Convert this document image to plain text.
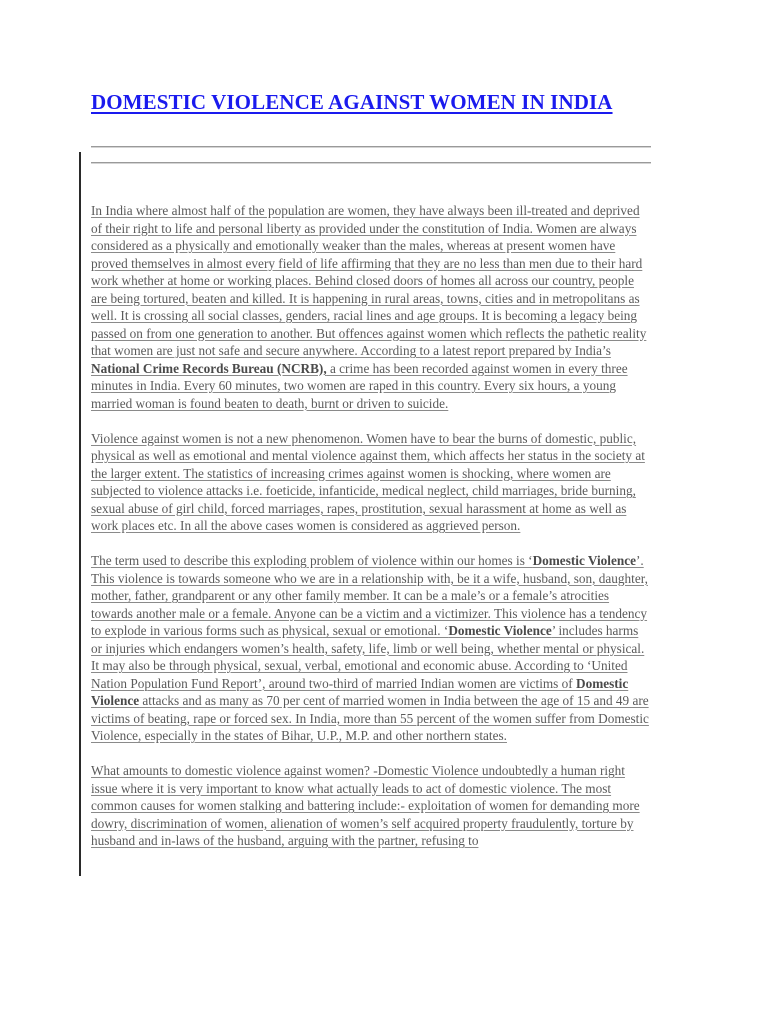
DOMESTIC VIOLENCE AGAINST WOMEN IN INDIA

In India where almost half of the population are women, they have always been ill-treated and deprived of their right to life and personal liberty as provided under the constitution of India. Women are always considered as a physically and emotionally weaker than the males, whereas at present women have proved themselves in almost every field of life affirming that they are no less than men due to their hard work whether at home or working places. Behind closed doors of homes all across our country, people are being tortured, beaten and killed. It is happening in rural areas, towns, cities and in metropolitans as well. It is crossing all social classes, genders, racial lines and age groups. It is becoming a legacy being passed on from one generation to another. But offences against women which reflects the pathetic reality that women are just not safe and secure anywhere. According to a latest report prepared by India’s National Crime Records Bureau (NCRB), a crime has been recorded against women in every three minutes in India. Every 60 minutes, two women are raped in this country. Every six hours, a young married woman is found beaten to death, burnt or driven to suicide.

Violence against women is not a new phenomenon. Women have to bear the burns of domestic, public, physical as well as emotional and mental violence against them, which affects her status in the society at the larger extent. The statistics of increasing crimes against women is shocking, where women are subjected to violence attacks i.e. foeticide, infanticide, medical neglect, child marriages, bride burning, sexual abuse of girl child, forced marriages, rapes, prostitution, sexual harassment at home as well as work places etc. In all the above cases women is considered as aggrieved person.

The term used to describe this exploding problem of violence within our homes is ‘Domestic Violence’. This violence is towards someone who we are in a relationship with, be it a wife, husband, son, daughter, mother, father, grandparent or any other family member. It can be a male’s or a female’s atrocities towards another male or a female. Anyone can be a victim and a victimizer. This violence has a tendency to explode in various forms such as physical, sexual or emotional. ‘Domestic Violence’ includes harms or injuries which endangers women’s health, safety, life, limb or well being, whether mental or physical. It may also be through physical, sexual, verbal, emotional and economic abuse. According to ‘United Nation Population Fund Report’, around two-third of married Indian women are victims of Domestic Violence attacks and as many as 70 per cent of married women in India between the age of 15 and 49 are victims of beating, rape or forced sex. In India, more than 55 percent of the women suffer from Domestic Violence, especially in the states of Bihar, U.P., M.P. and other northern states.

What amounts to domestic violence against women? -Domestic Violence undoubtedly a human right issue where it is very important to know what actually leads to act of domestic violence. The most common causes for women stalking and battering include:- exploitation of women for demanding more dowry, discrimination of women, alienation of women’s self acquired property fraudulently, torture by husband and in-laws of the husband, arguing with the partner, refusing to
